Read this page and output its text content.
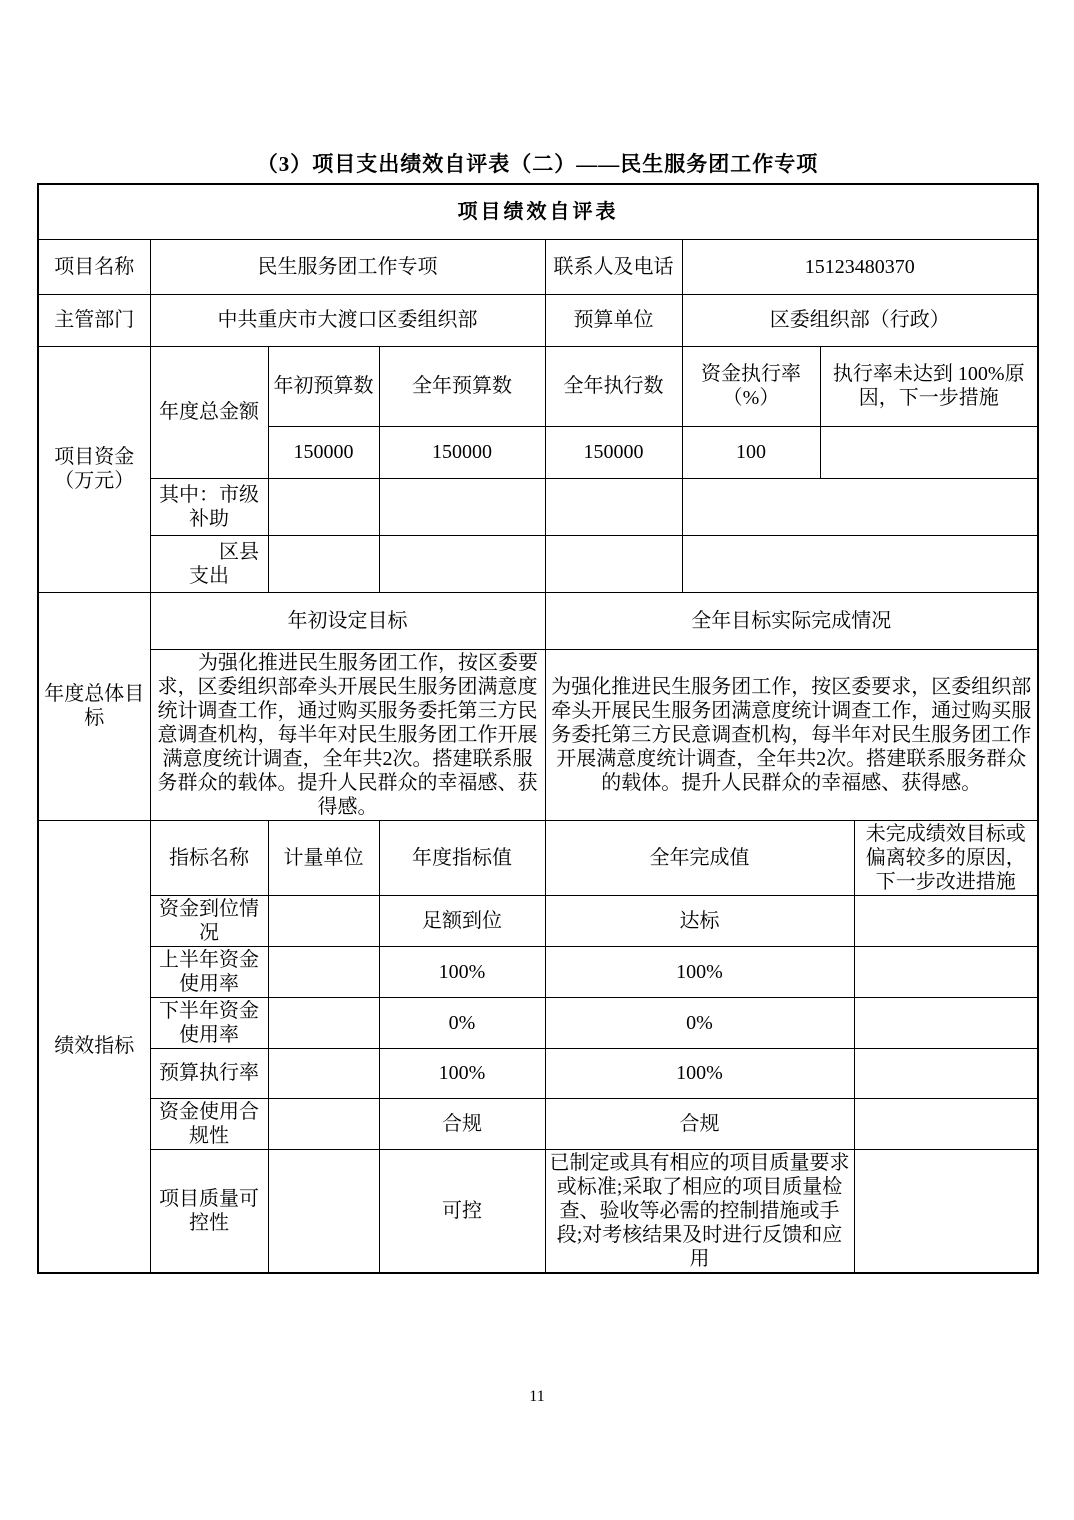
（3）项目支出绩效自评表（二）——民生服务团工作专项
项目绩效自评表							
项目名称	民生服务团工作专项			联系人及电话	15123480370		
主管部门	中共重庆市大渡口区委组织部			预算单位	区委组织部（行政）		
项目资金（万元）	年度总金额	年初预算数	全年预算数	全年执行数	资金执行率（%）	执行率未达到 100%原因，下一步措施	
		150000	150000	150000	100		
	其中：市级补助						
	区县支出						
年度总体目标	年初设定目标			全年目标实际完成情况			
	为强化推进民生服务团工作，按区委要求，区委组织部牵头开展民生服务团满意度统计调查工作，通过购买服务委托第三方民意调查机构，每半年对民生服务团工作开展满意度统计调查，全年共2次。搭建联系服务群众的载体。提升人民群众的幸福感、获得感。			为强化推进民生服务团工作，按区委要求，区委组织部牵头开展民生服务团满意度统计调查工作，通过购买服务委托第三方民意调查机构，每半年对民生服务团工作开展满意度统计调查，全年共2次。搭建联系服务群众的载体。提升人民群众的幸福感、获得感。			
绩效指标	指标名称	计量单位	年度指标值	全年完成值			未完成绩效目标或偏离较多的原因，下一步改进措施
	资金到位情况		足额到位	达标			
	上半年资金使用率		100%	100%			
	下半年资金使用率		0%	0%			
	预算执行率		100%	100%			
	资金使用合规性		合规	合规			
	项目质量可控性		可控	已制定或具有相应的项目质量要求或标准;采取了相应的项目质量检查、验收等必需的控制措施或手段;对考核结果及时进行反馈和应用			
11
